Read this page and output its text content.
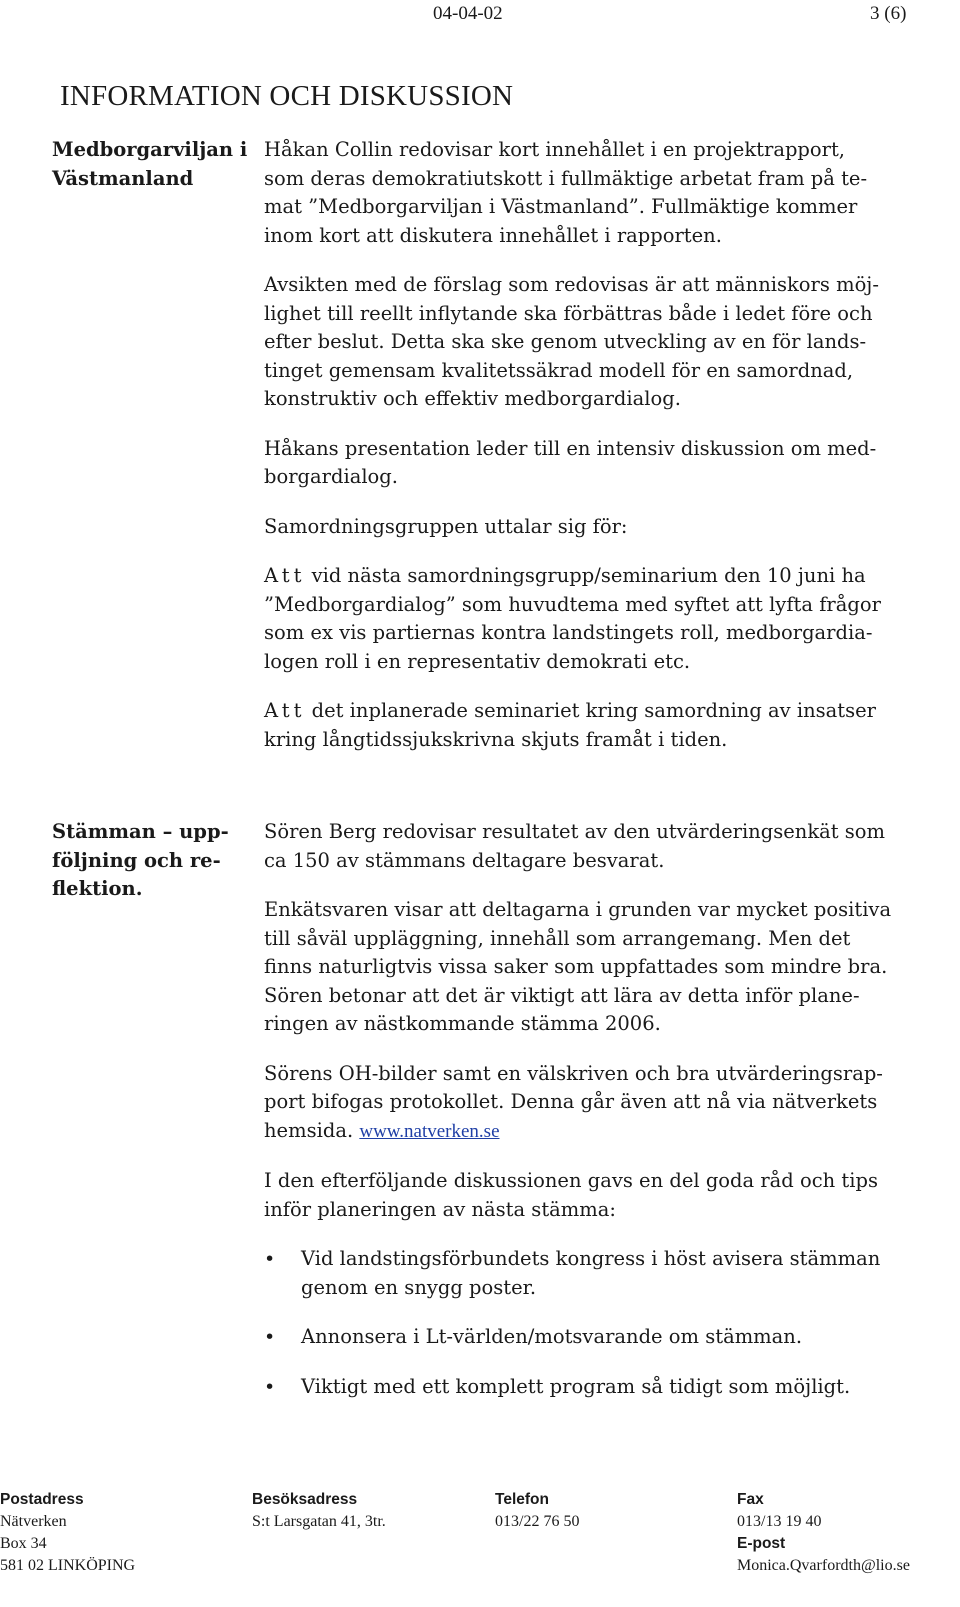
04-04-02	3 (6)
INFORMATION OCH DISKUSSION
Medborgarviljan i
Västmanland

Håkan Collin redovisar kort innehållet i en projektrapport,
som deras demokratiutskott i fullmäktige arbetat fram på te-
mat ”Medborgarviljan i Västmanland”. Fullmäktige kommer
inom kort att diskutera innehållet i rapporten.

Avsikten med de förslag som redovisas är att människors möj-
lighet till reellt inflytande ska förbättras både i ledet före och
efter beslut. Detta ska ske genom utveckling av en för lands-
tinget gemensam kvalitetssäkrad modell för en samordnad,
konstruktiv och effektiv medborgardialog.

Håkans presentation leder till en intensiv diskussion om med-
borgardialog.

Samordningsgruppen uttalar sig för:

Att vid nästa samordningsgrupp/seminarium den 10 juni ha
”Medborgardialog” som huvudtema med syftet att lyfta frågor
som ex vis partiernas kontra landstingets roll, medborgardia-
logen roll i en representativ demokrati etc.

Att det inplanerade seminariet kring samordning av insatser
kring långtidssjukskrivna skjuts framåt i tiden.

Stämman – upp-
följning och re-
flektion.

Sören Berg redovisar resultatet av den utvärderingsenkät som
ca 150 av stämmans deltagare besvarat.

Enkätsvaren visar att deltagarna i grunden var mycket positiva
till såväl uppläggning, innehåll som arrangemang. Men det
finns naturligtvis vissa saker som uppfattades som mindre bra.
Sören betonar att det är viktigt att lära av detta inför plane-
ringen av nästkommande stämma 2006.

Sörens OH-bilder samt en välskriven och bra utvärderingsrap-
port bifogas protokollet. Denna går även att nå via nätverkets
hemsida. www.natverken.se

I den efterföljande diskussionen gavs en del goda råd och tips
inför planeringen av nästa stämma:

• Vid landstingsförbundets kongress i höst avisera stämman
genom en snygg poster.
• Annonsera i Lt-världen/motsvarande om stämman.
• Viktigt med ett komplett program så tidigt som möjligt.
Postadress
Nätverken
Box 34
581 02 LINKÖPING
Besöksadress
S:t Larsgatan 41, 3tr.
Telefon
013/22 76 50
Fax
013/13 19 40
E-post
Monica.Qvarfordth@lio.se
